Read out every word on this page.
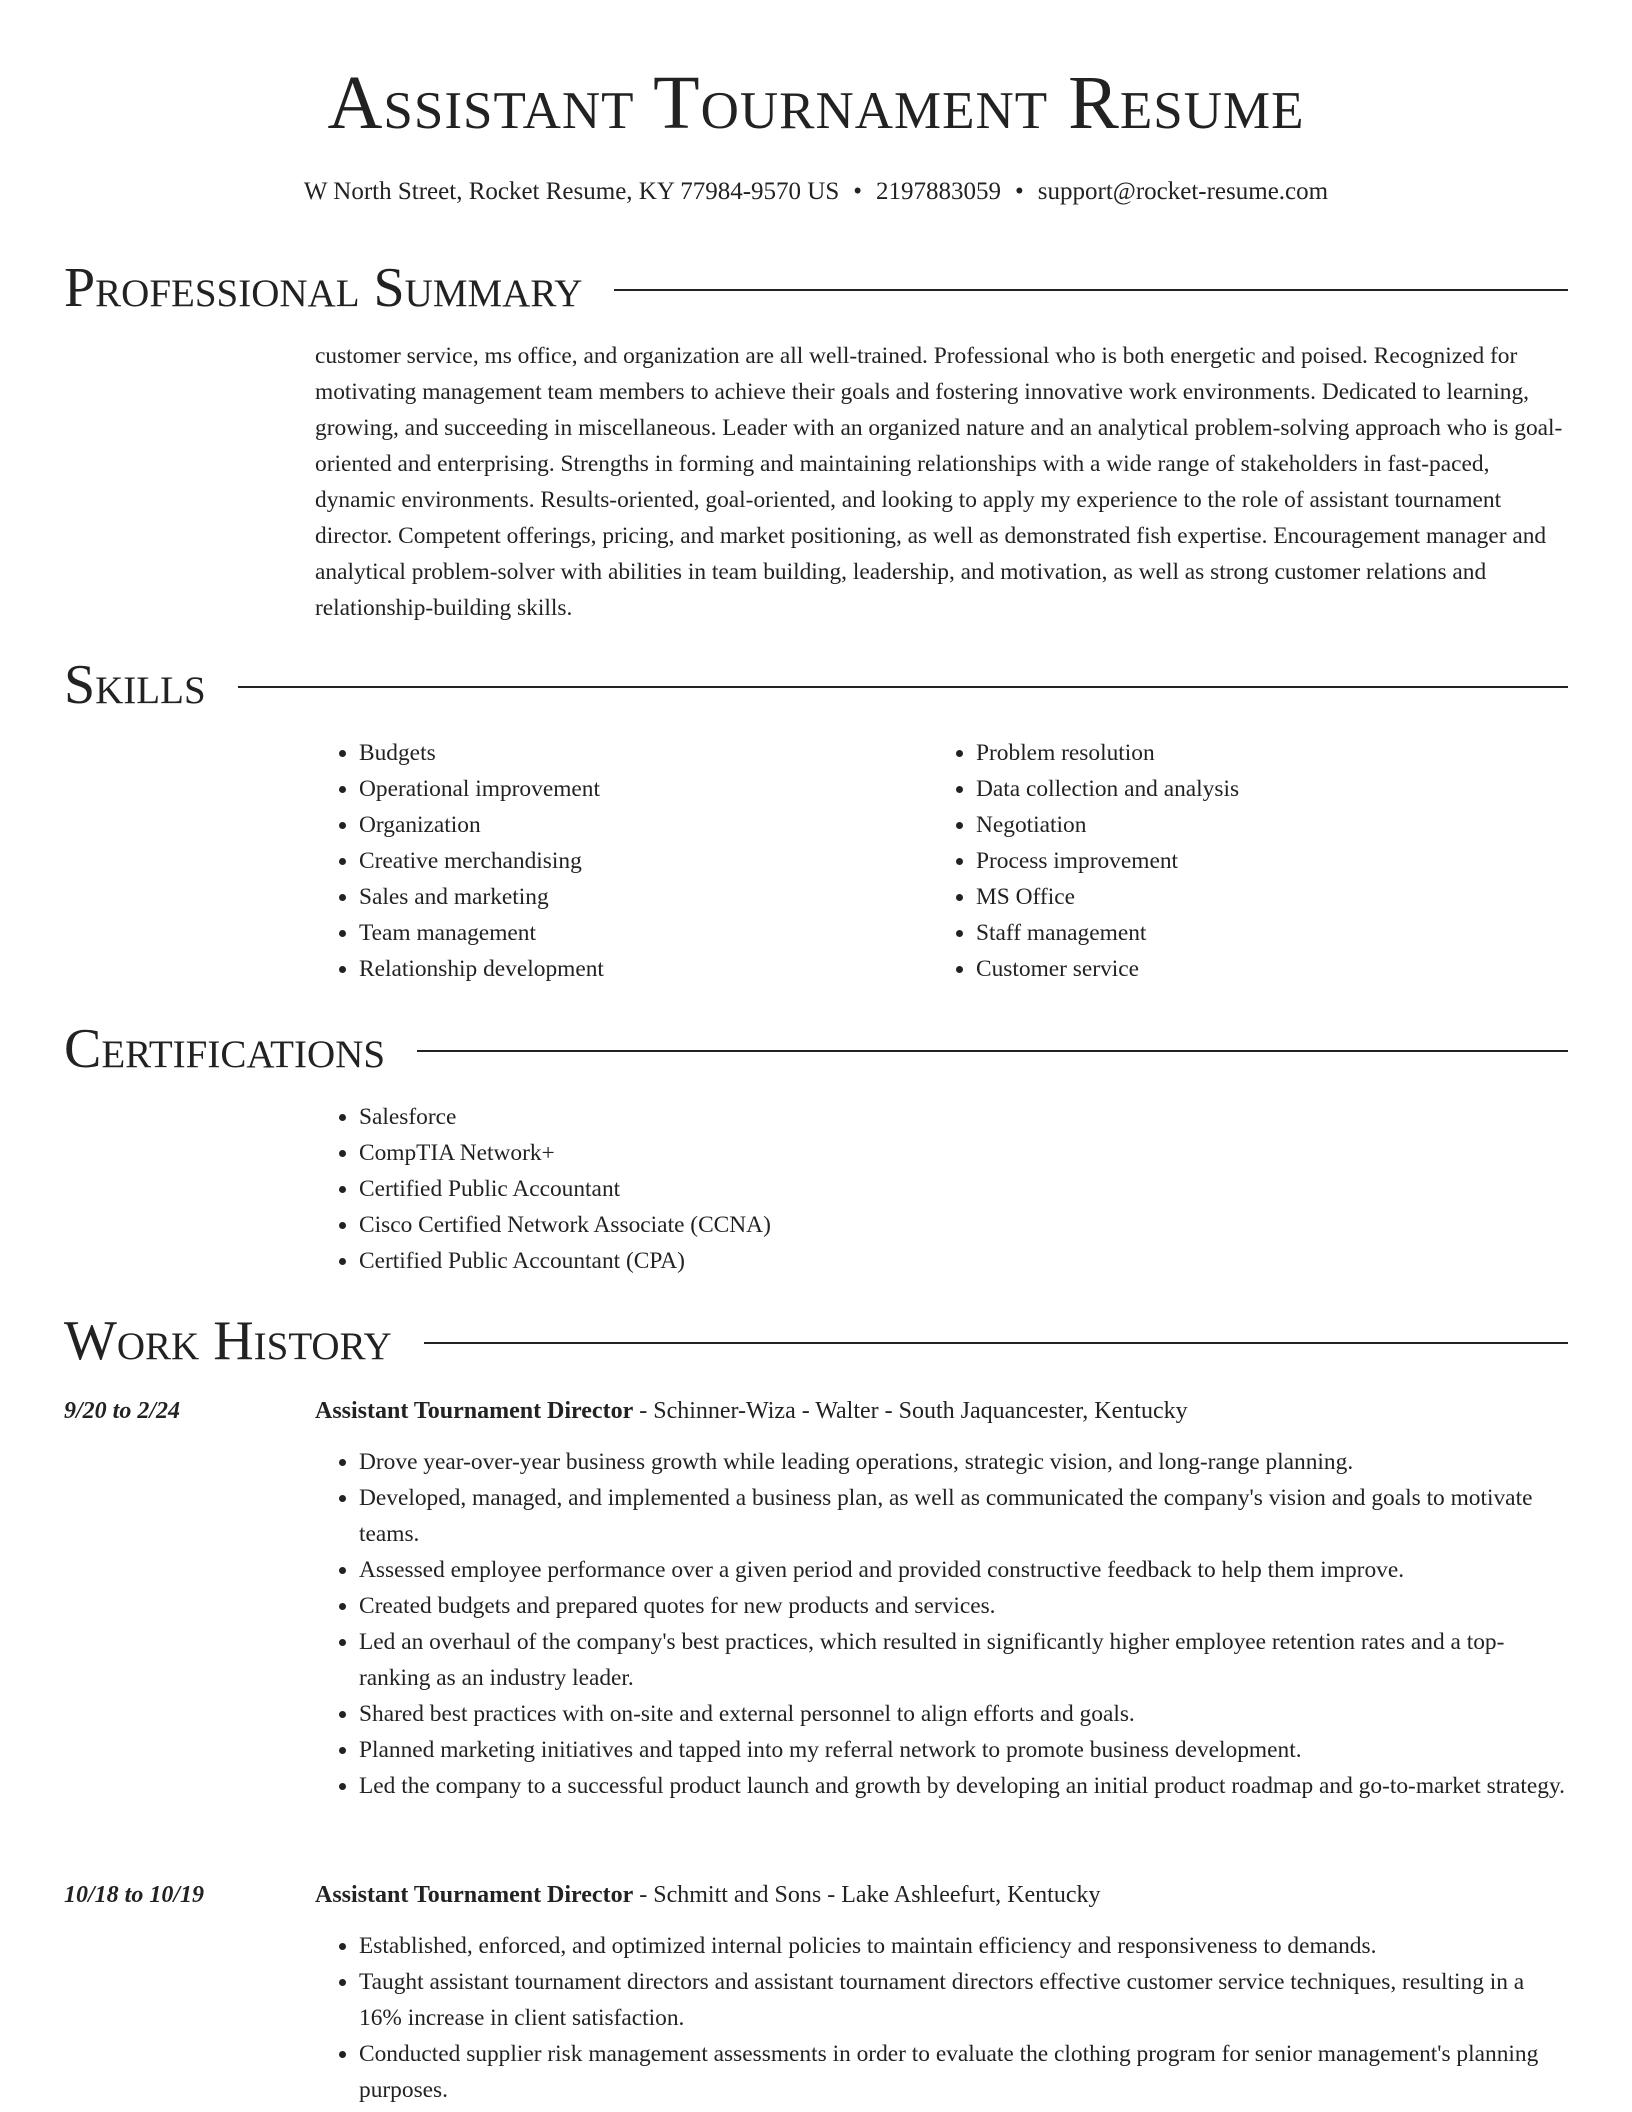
Assistant Tournament Resume
W North Street, Rocket Resume, KY 77984-9570 US • 2197883059 • support@rocket-resume.com
Professional Summary

customer service, ms office, and organization are all well-trained. Professional who is both energetic and poised. Recognized for motivating management team members to achieve their goals and fostering innovative work environments. Dedicated to learning, growing, and succeeding in miscellaneous. Leader with an organized nature and an analytical problem-solving approach who is goal-oriented and enterprising. Strengths in forming and maintaining relationships with a wide range of stakeholders in fast-paced, dynamic environments. Results-oriented, goal-oriented, and looking to apply my experience to the role of assistant tournament director. Competent offerings, pricing, and market positioning, as well as demonstrated fish expertise. Encouragement manager and analytical problem-solver with abilities in team building, leadership, and motivation, as well as strong customer relations and relationship-building skills.

Skills
• Budgets
• Operational improvement
• Organization
• Creative merchandising
• Sales and marketing
• Team management
• Relationship development
• Problem resolution
• Data collection and analysis
• Negotiation
• Process improvement
• MS Office
• Staff management
• Customer service
Certifications
• Salesforce
• CompTIA Network+
• Certified Public Accountant
• Cisco Certified Network Associate (CCNA)
• Certified Public Accountant (CPA)
Work History
9/20 to 2/24	Assistant Tournament Director - Schinner-Wiza - Walter - South Jaquancester, Kentucky
• Drove year-over-year business growth while leading operations, strategic vision, and long-range planning.
• Developed, managed, and implemented a business plan, as well as communicated the company's vision and goals to motivate teams.
• Assessed employee performance over a given period and provided constructive feedback to help them improve.
• Created budgets and prepared quotes for new products and services.
• Led an overhaul of the company's best practices, which resulted in significantly higher employee retention rates and a top-ranking as an industry leader.
• Shared best practices with on-site and external personnel to align efforts and goals.
• Planned marketing initiatives and tapped into my referral network to promote business development.
• Led the company to a successful product launch and growth by developing an initial product roadmap and go-to-market strategy.
10/18 to 10/19	Assistant Tournament Director - Schmitt and Sons - Lake Ashleefurt, Kentucky
• Established, enforced, and optimized internal policies to maintain efficiency and responsiveness to demands.
• Taught assistant tournament directors and assistant tournament directors effective customer service techniques, resulting in a 16% increase in client satisfaction.
• Conducted supplier risk management assessments in order to evaluate the clothing program for senior management's planning purposes.
